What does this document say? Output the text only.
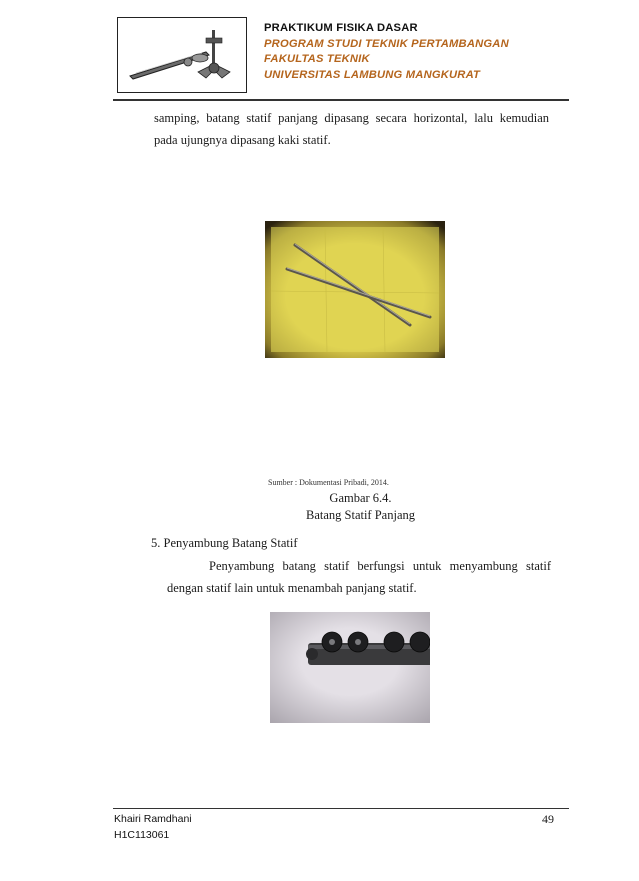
PRAKTIKUM FISIKA DASAR
PROGRAM STUDI TEKNIK PERTAMBANGAN
FAKULTAS TEKNIK
UNIVERSITAS LAMBUNG MANGKURAT
samping, batang statif panjang dipasang secara horizontal, lalu kemudian
pada ujungnya dipasang kaki statif.
Sumber : Dokumentasi Pribadi, 2014.
Gambar 6.4.
Batang Statif Panjang
5. Penyambung Batang Statif
Penyambung batang statif berfungsi untuk menyambung statif
dengan statif lain untuk menambah panjang statif.
Khairi Ramdhani
H1C113061
49
